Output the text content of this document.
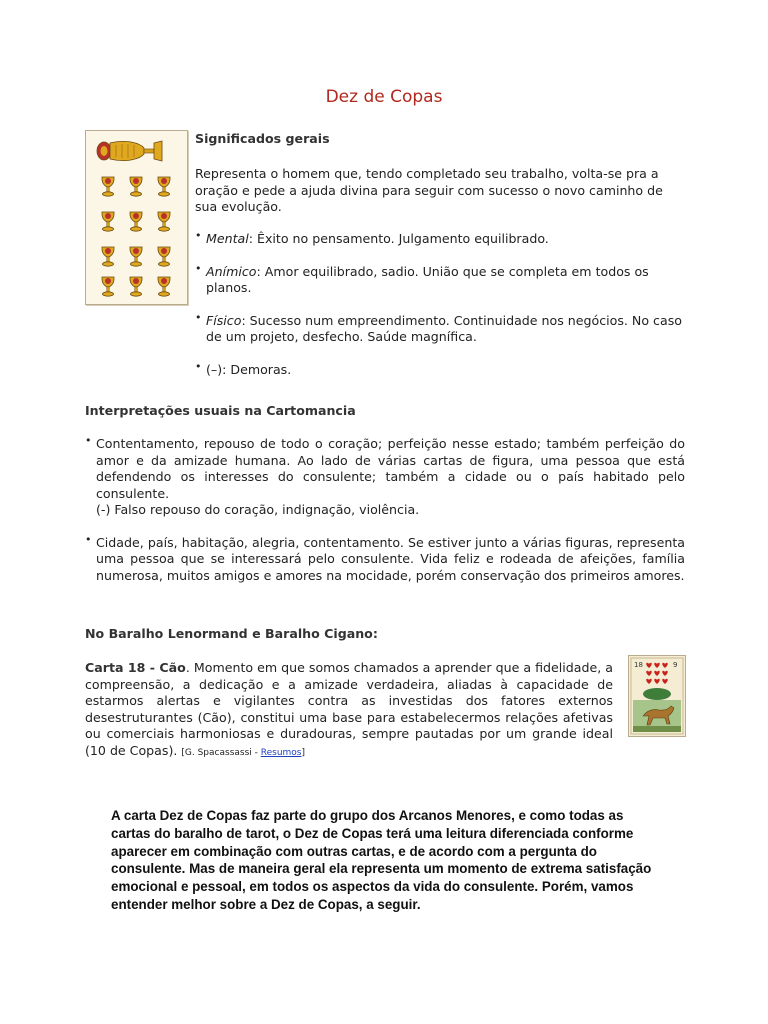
Dez de Copas
Significados gerais

Representa o homem que, tendo completado seu trabalho, volta-se pra a oração e pede a ajuda divina para seguir com sucesso o novo caminho de sua evolução.

• Mental: Êxito no pensamento. Julgamento equilibrado.
• Anímico: Amor equilibrado, sadio. União que se completa em todos os planos.
• Físico: Sucesso num empreendimento. Continuidade nos negócios. No caso de um projeto, desfecho. Saúde magnífica.
• (–): Demoras.
Interpretações usuais na Cartomancia
• Contentamento, repouso de todo o coração; perfeição nesse estado; também perfeição do amor e da amizade humana. Ao lado de várias cartas de figura, uma pessoa que está defendendo os interesses do consulente; também a cidade ou o país habitado pelo consulente.
(-) Falso repouso do coração, indignação, violência.
• Cidade, país, habitação, alegria, contentamento. Se estiver junto a várias figuras, representa uma pessoa que se interessará pelo consulente. Vida feliz e rodeada de afeições, família numerosa, muitos amigos e amores na mocidade, porém conservação dos primeiros amores.
No Baralho Lenormand e Baralho Cigano:

Carta 18 - Cão. Momento em que somos chamados a aprender que a fidelidade, a compreensão, a dedicação e a amizade verdadeira, aliadas à capacidade de estarmos alertas e vigilantes contra as investidas dos fatores externos desestruturantes (Cão), constitui uma base para estabelecermos relações afetivas ou comerciais harmoniosas e duradouras, sempre pautadas por um grande ideal (10 de Copas). [G. Spacassassi - Resumos]

18	9

A carta Dez de Copas faz parte do grupo dos Arcanos Menores, e como todas as cartas do baralho de tarot, o Dez de Copas terá uma leitura diferenciada conforme aparecer em combinação com outras cartas, e de acordo com a pergunta do consulente. Mas de maneira geral ela representa um momento de extrema satisfação emocional e pessoal, em todos os aspectos da vida do consulente. Porém, vamos entender melhor sobre a Dez de Copas, a seguir.
